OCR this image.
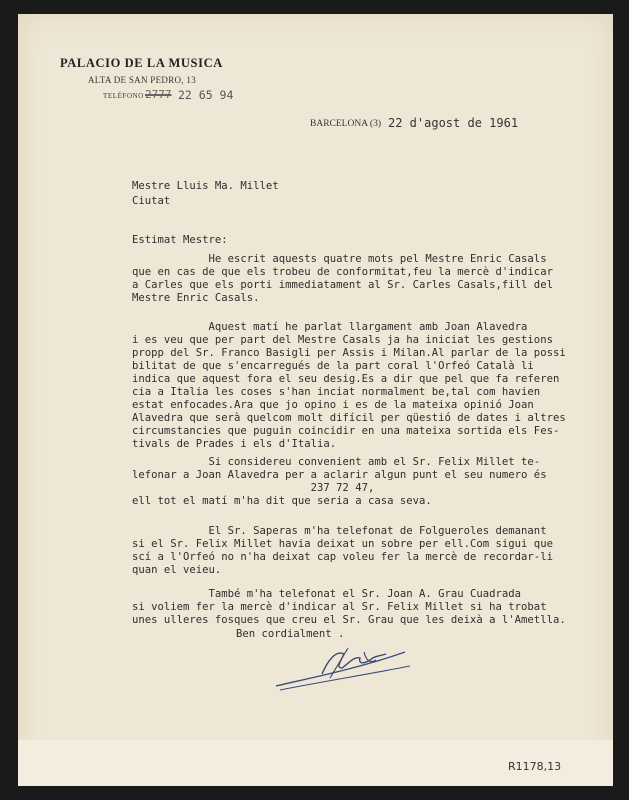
PALACIO DE LA MUSICA
ALTA DE SAN PEDRO, 13
TELÉFONO 2777 22 65 94
BARCELONA (3) 22 d'agost de 1961
Mestre Lluis Ma. Millet
Ciutat
Estimat Mestre:
He escrit aquests quatre mots pel Mestre Enric Casals
que en cas de que els trobeu de conformitat,feu la mercè d'indicar
a Carles que els porti immediatament al Sr. Carles Casals,fill del
Mestre Enric Casals.
Aquest matí he parlat llargament amb Joan Alavedra
i es veu que per part del Mestre Casals ja ha iniciat les gestions
propp del Sr. Franco Basigli per Assis i Milan.Al parlar de la possi
bilitat de que s'encarregués de la part coral l'Orfeó Català li
indica que aquest fora el seu desig.Es a dir que pel que fa referen
cia a Italia les coses s'han inciat normalment be,tal com havien
estat enfocades.Ara que jo opino i es de la mateixa opinió Joan
Alavedra que serà quelcom molt difícil per qüestió de dates i altres
circumstancies que puguin coincidir en una mateixa sortida els Fes-
tivals de Prades i els d'Italia.
Si considereu convenient amb el Sr. Felix Millet te-
lefonar a Joan Alavedra per a aclarir algun punt el seu numero és
237 72 47,
ell tot el matí m'ha dit que seria a casa seva.
El Sr. Saperas m'ha telefonat de Folgueroles demanant
si el Sr. Felix Millet havia deixat un sobre per ell.Com sigui que
scí a l'Orfeó no n'ha deixat cap voleu fer la mercè de recordar-li
quan el veieu.
També m'ha telefonat el Sr. Joan A. Grau Cuadrada
si voliem fer la mercè d'indicar al Sr. Felix Millet si ha trobat
unes ulleres fosques que creu el Sr. Grau que les deixà a l'Ametlla.
Ben cordialment .
R1178,13
